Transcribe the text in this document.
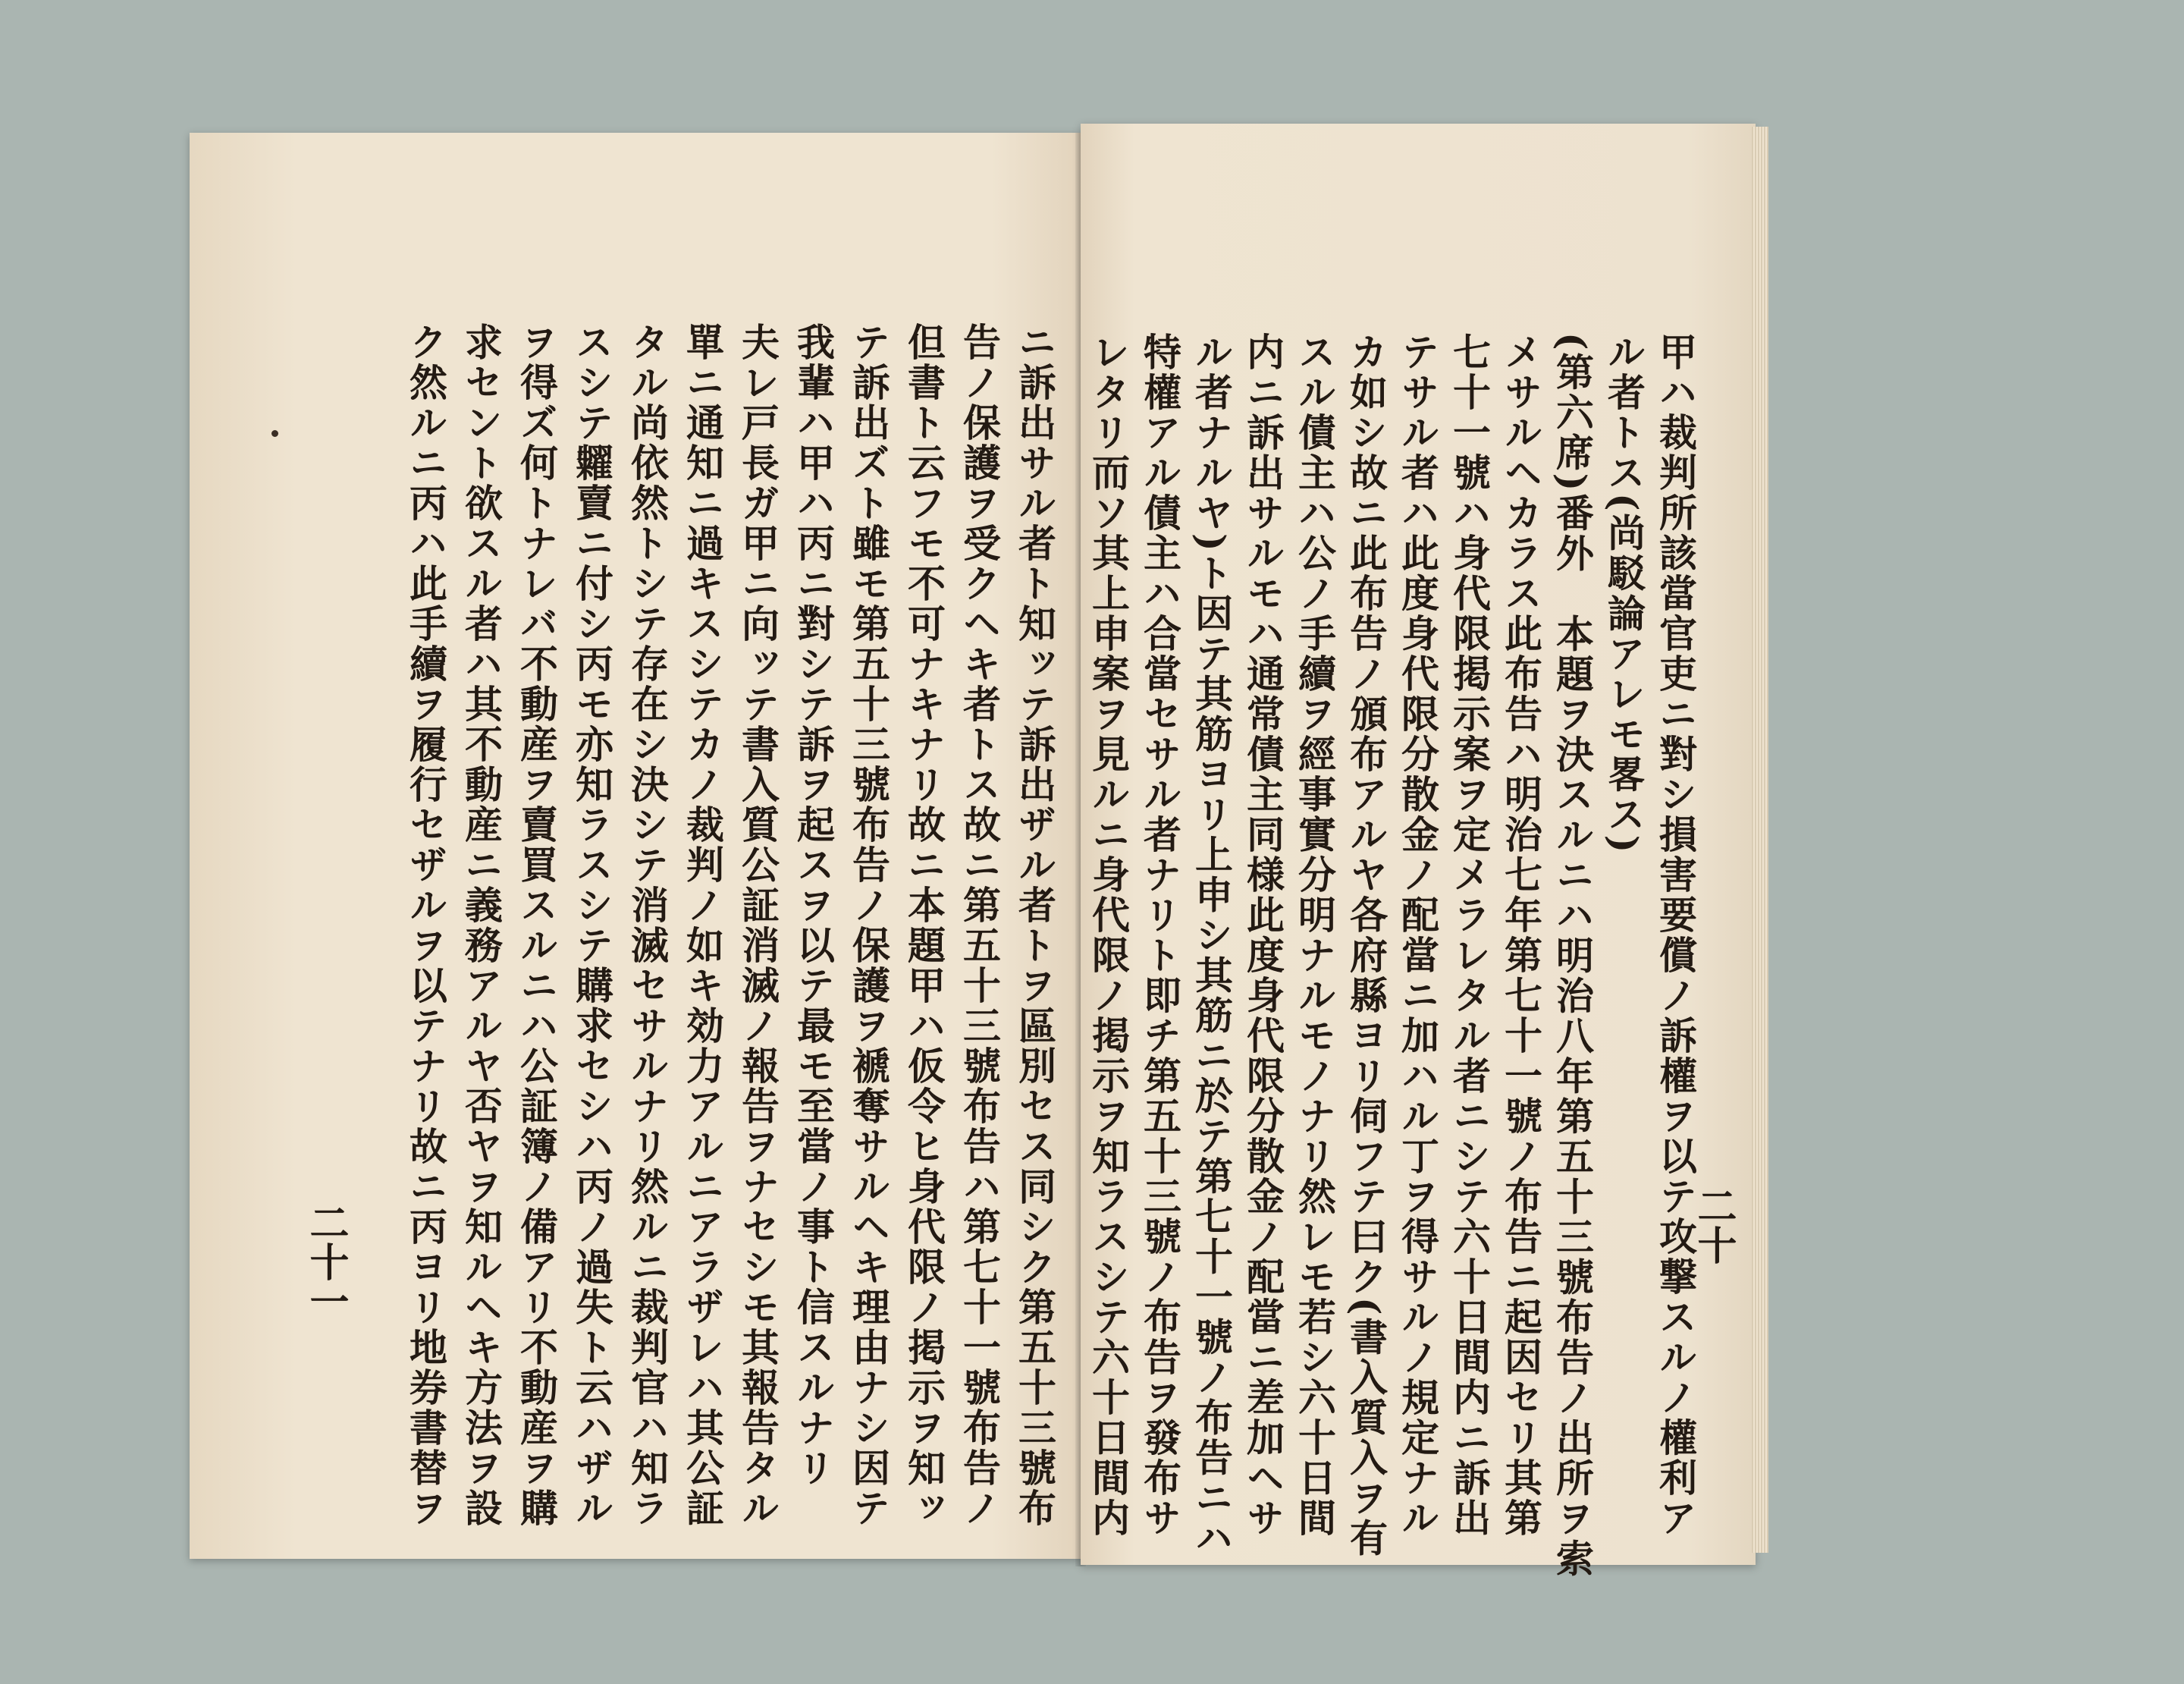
ニ訴出サル者ト知ッテ訴出ザル者トヲ區別セス同シク第五十三號布
告ノ保護ヲ受クヘキ者トス故ニ第五十三號布告ハ第七十一號布告ノ
但書ト云フモ不可ナキナリ故ニ本題甲ハ仮令ヒ身代限ノ掲示ヲ知ッ
テ訴出ズト雖モ第五十三號布告ノ保護ヲ褫奪サルヘキ理由ナシ因テ
我輩ハ甲ハ丙ニ對シテ訴ヲ起スヲ以テ最モ至當ノ事ト信スルナリ
夫レ戸長ガ甲ニ向ッテ書入質公証消滅ノ報告ヲナセシモ其報告タル
單ニ通知ニ過キスシテカノ裁判ノ如キ効力アルニアラザレハ其公証
タル尚依然トシテ存在シ決シテ消滅セサルナリ然ルニ裁判官ハ知ラ
スシテ糶賣ニ付シ丙モ亦知ラスシテ購求セシハ丙ノ過失ト云ハザル
ヲ得ズ何トナレバ不動産ヲ賣買スルニハ公証簿ノ備アリ不動産ヲ購
求セント欲スル者ハ其不動産ニ義務アルヤ否ヤヲ知ルヘキ方法ヲ設
ク然ルニ丙ハ此手續ヲ履行セザルヲ以テナリ故ニ丙ヨリ地券書替ヲ
二十一	甲ハ裁判所該當官吏ニ對シ損害要償ノ訴權ヲ以テ攻撃スルノ權利ア
ル者トス(尚駁論アレモ畧ス)
(第六席)番外　本題ヲ決スルニハ明治八年第五十三號布告ノ出所ヲ索
メサルヘカラス此布告ハ明治七年第七十一號ノ布告ニ起因セリ其第
七十一號ハ身代限掲示案ヲ定メラレタル者ニシテ六十日間内ニ訴出
テサル者ハ此度身代限分散金ノ配當ニ加ハル丁ヲ得サルノ規定ナル
カ如シ故ニ此布告ノ頒布アルヤ各府縣ヨリ伺フテ曰ク(書入質入ヲ有
スル債主ハ公ノ手續ヲ經事實分明ナルモノナリ然レモ若シ六十日間
内ニ訴出サルモハ通常債主同様此度身代限分散金ノ配當ニ差加ヘサ
ル者ナルヤ)ト因テ其筋ヨリ上申シ其筋ニ於テ第七十一號ノ布告ニハ
特權アル債主ハ合當セサル者ナリト即チ第五十三號ノ布告ヲ發布サ
レタリ而ソ其上申案ヲ見ルニ身代限ノ掲示ヲ知ラスシテ六十日間内	二十
